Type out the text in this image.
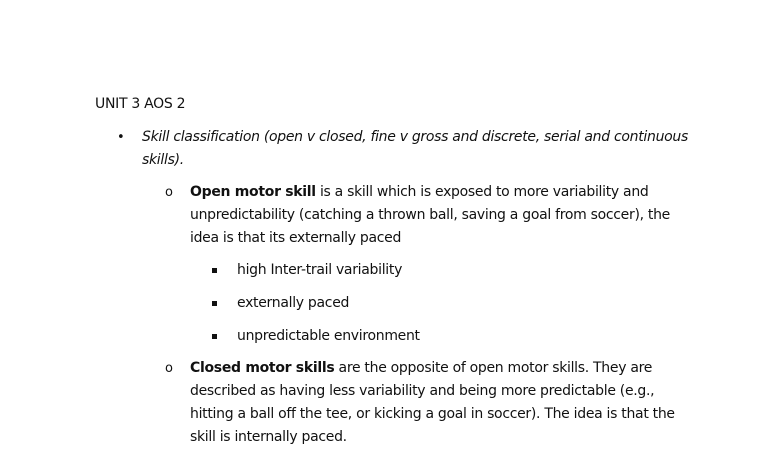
UNIT 3 AOS 2
• Skill classification (open v closed, fine v gross and discrete, serial and continuous skills).
o Open motor skill is a skill which is exposed to more variability and unpredictability (catching a thrown ball, saving a goal from soccer), the idea is that its externally paced
high Inter-trail variability
externally paced
unpredictable environment
o Closed motor skills are the opposite of open motor skills. They are described as having less variability and being more predictable (e.g., hitting a ball off the tee, or kicking a goal in soccer). The idea is that the skill is internally paced.
